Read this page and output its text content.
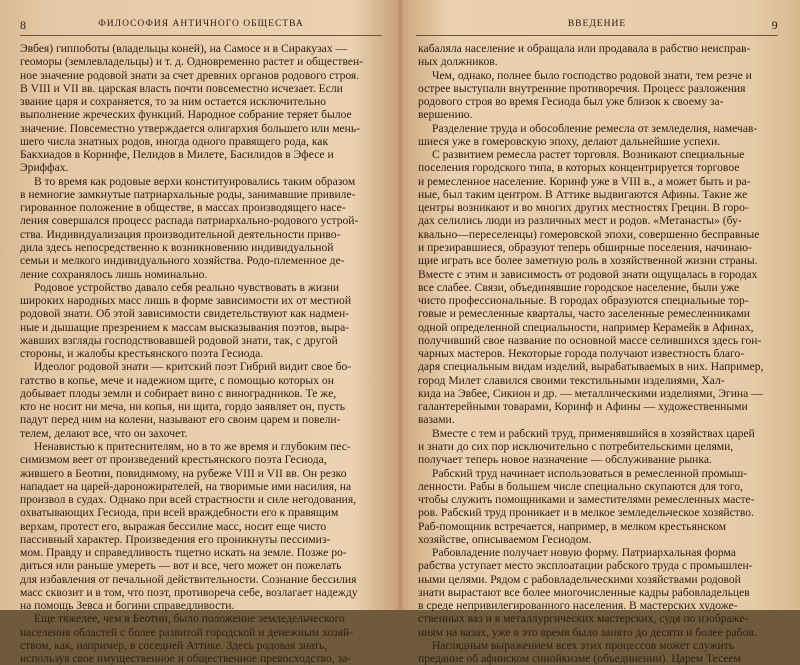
8	ФИЛОСОФИЯ АНТИЧНОГО ОБЩЕСТВА
Эвбея) гиппоботы (владельцы коней), на Самосе и в Сиракузах —
геоморы (землевладельцы) и т. д. Одновременно растет и обществен-
ное значение родовой знати за счет древних органов родового строя.
В VIII и VII вв. царская власть почти повсеместно исчезает. Если
звание царя и сохраняется, то за ним остается исключительно
выполнение жреческих функций. Народное собрание теряет былое
значение. Повсеместно утверждается олигархия большего или мень-
шего числа знатных родов, иногда одного правящего рода, как
Бакхиадов в Коринфе, Пелидов в Милете, Басилидов в Эфесе и
Эриффах.
В то время как родовые верхи конституировались таким образом
в немногие замкнутые патриархальные роды, занимавшие привиле-
гированное положение в обществе, в массах производящего насе-
ления совершался процесс распада патриархально-родового устрой-
ства. Индивидуализация производительной деятельности приво-
дила здесь непосредственно к возникновению индивидуальной
семьи и мелкого индивидуального хозяйства. Родо-племенное де-
ление сохранялось лишь номинально.
Родовое устройство давало себя реально чувствовать в жизни
широких народных масс лишь в форме зависимости их от местной
родовой знати. Об этой зависимости свидетельствуют как надмен-
ные и дышащие презрением к массам высказывания поэтов, выра-
жавших взгляды господствовавшей родовой знати, так, с другой
стороны, и жалобы крестьянского поэта Гесиода.
Идеолог родовой знати — критский поэт Гибрий видит свое бо-
гатство в копье, мече и надежном щите, с помощью которых он
добывает плоды земли и собирает вино с виноградников. Те же,
кто не носит ни меча, ни копья, ни щита, гордо заявляет он, пусть
падут перед ним на колени, называют его своим царем и повели-
телем, делают все, что он захочет.
Ненавистью к притеснителям, но в то же время и глубоким пес-
симизмом веет от произведений крестьянского поэта Гесиода,
жившего в Беотии, повидимому, на рубеже VIII и VII вв. Он резко
нападает на царей-дароножирателей, на творимые ими насилия, на
произвол в судах. Однако при всей страстности и силе негодования,
охватывающих Гесиода, при всей враждебности его к правящим
верхам, протест его, выражая бессилие масс, носит еще чисто
пассивный характер. Произведения его проникнуты пессимиз-
мом. Правду и справедливость тщетно искать на земле. Позже ро-
диться или раньше умереть — вот и все, чего может он пожелать
для избавления от печальной действительности. Сознание бессилия
масс сквозит и в том, что поэт, противореча себе, возлагает надежду
на помощь Зевса и богини справедливости.
Еще тяжелее, чем в Беотии, было положение земледельческого
населения областей с более развитой городской и денежным хозяй-
ством, как, например, в соседней Аттике. Здесь родовая знать,
используя свое имущественное и общественное превосходство, за-
ВВЕДЕНИЕ	9
кабаляла население и обращала или продавала в рабство неисправ-
ных должников.
Чем, однако, полнее было господство родовой знати, тем резче и
острее выступали внутренние противоречия. Процесс разложения
родового строя во время Гесиода был уже близок к своему за-
вершению.
Разделение труда и обособление ремесла от земледелия, намечав-
шиеся уже в гомеровскую эпоху, делают дальнейшие успехи.
С развитием ремесла растет торговля. Возникают специальные
поселения городского типа, в которых концентрируется торговое
и ремесленное население. Коринф уже в VIII в., а может быть и ра-
ные, был таким центром. В Аттике выдвигаются Афины. Такие же
центры возникают и во многих других местностях Греции. В горо-
дах селились люди из различных мест и родов. «Метанасты» (бу-
квально—переселенцы) гомеровской эпохи, совершенно бесправные
и презиравшиеся, образуют теперь обширные поселения, начинаю-
щие играть все более заметную роль в хозяйственной жизни страны.
Вместе с этим и зависимость от родовой знати ощущалась в городах
все слабее. Связи, объединявшие городское население, были уже
чисто профессиональные. В городах образуются специальные тор-
говые и ремесленные кварталы, часто заселенные ремесленниками
одной определенной специальности, например Керамейк в Афинах,
получивший свое название по основной массе селившихся здесь гон-
чарных мастеров. Некоторые города получают известность благо-
даря специальным видам изделий, вырабатываемых в них. Например,
город Милет славился своими текстильными изделиями, Хал-
кида на Эвбее, Сикион и др. — металлическими изделиями, Эгина —
галантерейными товарами, Коринф и Афины — художественными
вазами.
Вместе с тем и рабский труд, применявшийся в хозяйствах царей
и знати до сих пор исключительно с потребительскими целями,
получает теперь новое назначение — обслуживание рынка.
Рабский труд начинает использоваться в ремесленной промыш-
ленности. Рабы в большем числе специально скупаются для того,
чтобы служить помощниками и заместителями ремесленных масте-
ров. Рабский труд проникает и в мелкое земледельческое хозяйство.
Раб-помощник встречается, например, в мелком крестьянском
хозяйстве, описываемом Гесиодом.
Рабовладение получает новую форму. Патриархальная форма
рабства уступает место эксплоатации рабского труда с промышлен-
ными целями. Рядом с рабовладельческими хозяйствами родовой
знати вырастают все более многочисленные кадры рабовладельцев
в среде непривилегированного населения. В мастерских художе-
ственных ваз и в металлургических мастерских, судя по изображе-
ниям на вазах, уже в это время было занято до десяти и более рабов.
Наглядным выражением всех этих процессов может служить
предание об афинском синойкизме (объединении). Царем Тесеем
